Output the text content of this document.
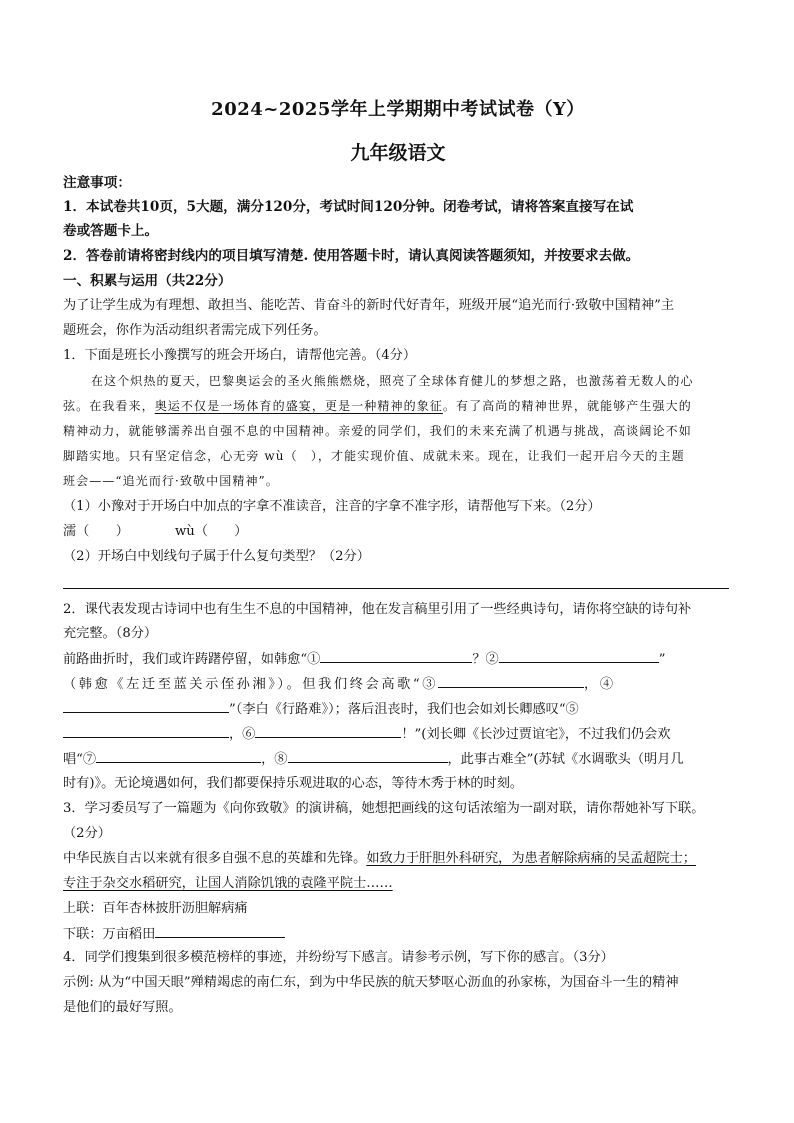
2024~2025学年上学期期中考试试卷（Y）
九年级语文
注意事项：
1．本试卷共10页，5大题，满分120分，考试时间120分钟。闭卷考试，请将答案直接写在试
卷或答题卡上。
2．答卷前请将密封线内的项目填写清楚. 使用答题卡时，请认真阅读答题须知，并按要求去做。
一、积累与运用（共22分）
为了让学生成为有理想、敢担当、能吃苦、肯奋斗的新时代好青年，班级开展“追光而行·致敬中国精神”主
题班会，你作为活动组织者需完成下列任务。
1．下面是班长小豫撰写的班会开场白，请帮他完善。（4分）
在这个炽热的夏天，巴黎奥运会的圣火熊熊燃烧，照亮了全球体育健儿的梦想之路，也激荡着无数人的心
弦。在我看来，奥运不仅是一场体育的盛宴，更是一种精神的象征。有了高尚的精神世界，就能够产生强大的
精神动力，就能够濡养出自强不息的中国精神。亲爱的同学们，我们的未来充满了机遇与挑战，高谈阔论不如
脚踏实地。只有坚定信念，心无旁 wù（　），才能实现价值、成就未来。现在，让我们一起开启今天的主题
班会——“追光而行·致敬中国精神”。
（1）小豫对于开场白中加点的字拿不准读音，注音的字拿不准字形，请帮他写下来。（2分）
濡（　　）	wù（　　）
（2）开场白中划线句子属于什么复句类型？（2分）
2．课代表发现古诗词中也有生生不息的中国精神，他在发言稿里引用了一些经典诗句，请你将空缺的诗句补
充完整。（8分）
前路曲折时，我们或许踌躇停留，如韩愈“①	？②	”
（韩愈《左迁至蓝关示侄孙湘》）。但我们终会高歌“③	，④
”（李白《行路难》）；落后沮丧时，我们也会如刘长卿感叹“⑤
，⑥	！”(刘长卿《长沙过贾谊宅》，不过我们仍会欢
唱“⑦	，⑧	，此事古难全”(苏轼《水调歌头（明月几
时有)》。无论境遇如何，我们都要保持乐观进取的心态，等待木秀于林的时刻。
3．学习委员写了一篇题为《向你致敬》的演讲稿，她想把画线的这句话浓缩为一副对联，请你帮她补写下联。
（2分）
中华民族自古以来就有很多自强不息的英雄和先锋。如致力于肝胆外科研究，为患者解除病痛的吴孟超院士；
专注于杂交水稻研究，让国人消除饥饿的袁隆平院士……
上联：百年杏林披肝沥胆解病痛
下联：万亩稻田
4．同学们搜集到很多模范榜样的事迹，并纷纷写下感言。请参考示例，写下你的感言。（3分）
示例: 从为“中国天眼”殚精竭虑的南仁东，到为中华民族的航天梦呕心沥血的孙家栋，为国奋斗一生的精神
是他们的最好写照。
